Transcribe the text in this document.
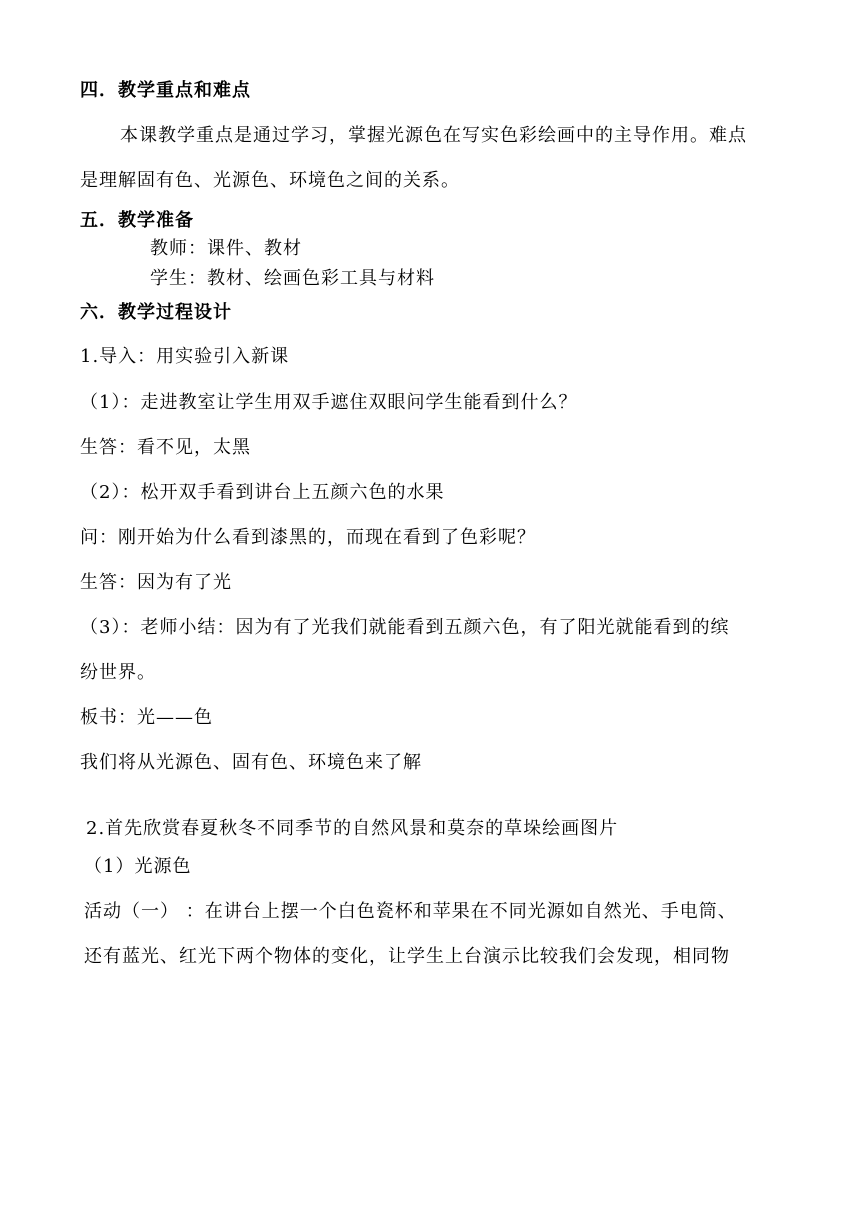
四．教学重点和难点
本课教学重点是通过学习，掌握光源色在写实色彩绘画中的主导作用。难点
是理解固有色、光源色、环境色之间的关系。
五．教学准备
教师：课件、教材
学生：教材、绘画色彩工具与材料
六．教学过程设计
1.导入：用实验引入新课
（1）：走进教室让学生用双手遮住双眼问学生能看到什么？
生答：看不见，太黑
（2）：松开双手看到讲台上五颜六色的水果
问：刚开始为什么看到漆黑的，而现在看到了色彩呢？
生答：因为有了光
（3）：老师小结：因为有了光我们就能看到五颜六色，有了阳光就能看到的缤
纷世界。
板书：光——色
我们将从光源色、固有色、环境色来了解
2.首先欣赏春夏秋冬不同季节的自然风景和莫奈的草垛绘画图片
（1）光源色
活动（一） ：在讲台上摆一个白色瓷杯和苹果在不同光源如自然光、手电筒、
还有蓝光、红光下两个物体的变化，让学生上台演示比较我们会发现，相同物
